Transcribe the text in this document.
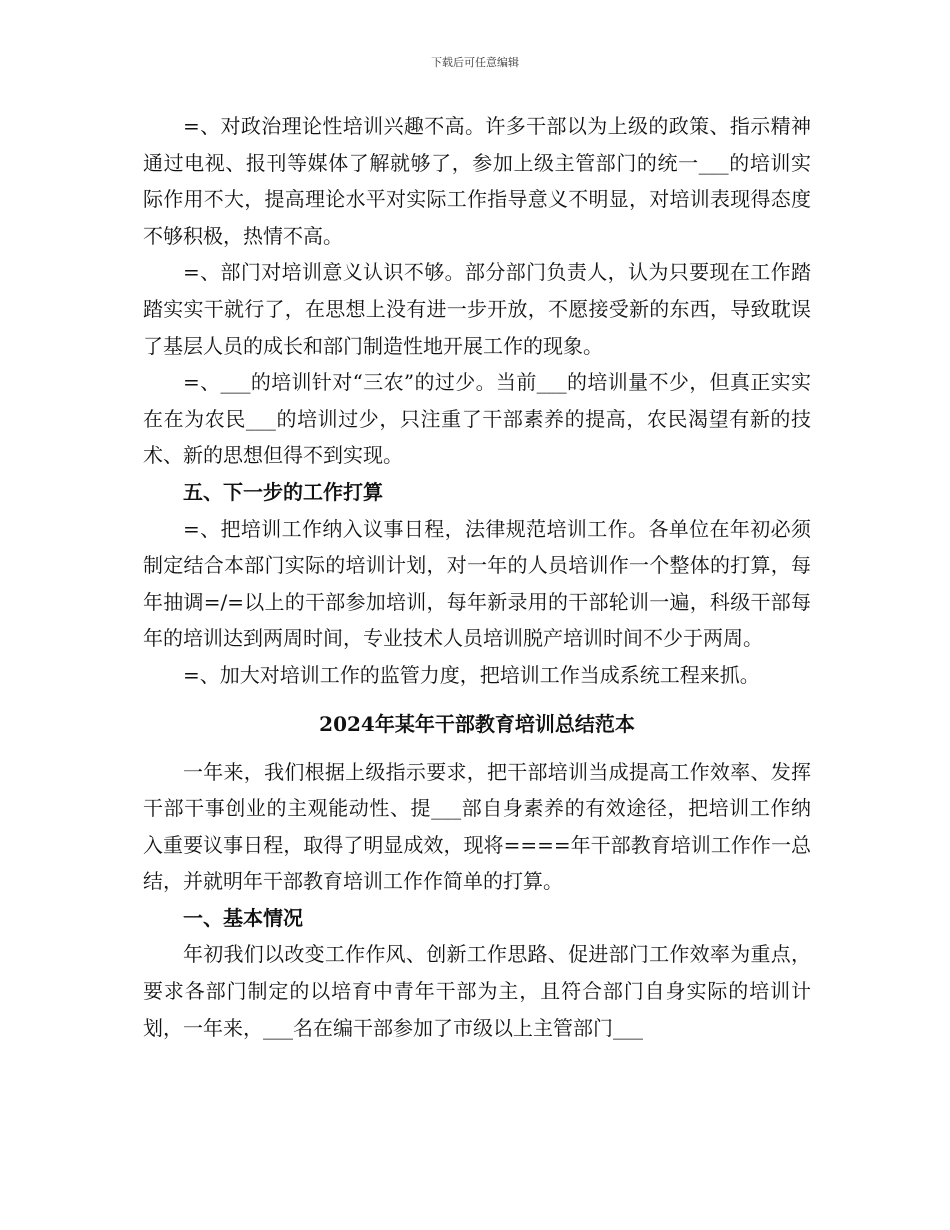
下载后可任意编辑

=、对政治理论性培训兴趣不高。许多干部以为上级的政策、指示精神通过电视、报刊等媒体了解就够了，参加上级主管部门的统一___的培训实际作用不大，提高理论水平对实际工作指导意义不明显，对培训表现得态度不够积极，热情不高。

=、部门对培训意义认识不够。部分部门负责人，认为只要现在工作踏踏实实干就行了，在思想上没有进一步开放，不愿接受新的东西，导致耽误了基层人员的成长和部门制造性地开展工作的现象。

=、___的培训针对“三农”的过少。当前___的培训量不少，但真正实实在在为农民___的培训过少，只注重了干部素养的提高，农民渴望有新的技术、新的思想但得不到实现。

五、下一步的工作打算

=、把培训工作纳入议事日程，法律规范培训工作。各单位在年初必须制定结合本部门实际的培训计划，对一年的人员培训作一个整体的打算，每年抽调=/=以上的干部参加培训，每年新录用的干部轮训一遍，科级干部每年的培训达到两周时间，专业技术人员培训脱产培训时间不少于两周。

=、加大对培训工作的监管力度，把培训工作当成系统工程来抓。

2024年某年干部教育培训总结范本

一年来，我们根据上级指示要求，把干部培训当成提高工作效率、发挥干部干事创业的主观能动性、提___部自身素养的有效途径，把培训工作纳入重要议事日程，取得了明显成效，现将====年干部教育培训工作作一总结，并就明年干部教育培训工作作简单的打算。

一、基本情况

年初我们以改变工作作风、创新工作思路、促进部门工作效率为重点，要求各部门制定的以培育中青年干部为主，且符合部门自身实际的培训计划，一年来，___名在编干部参加了市级以上主管部门___
